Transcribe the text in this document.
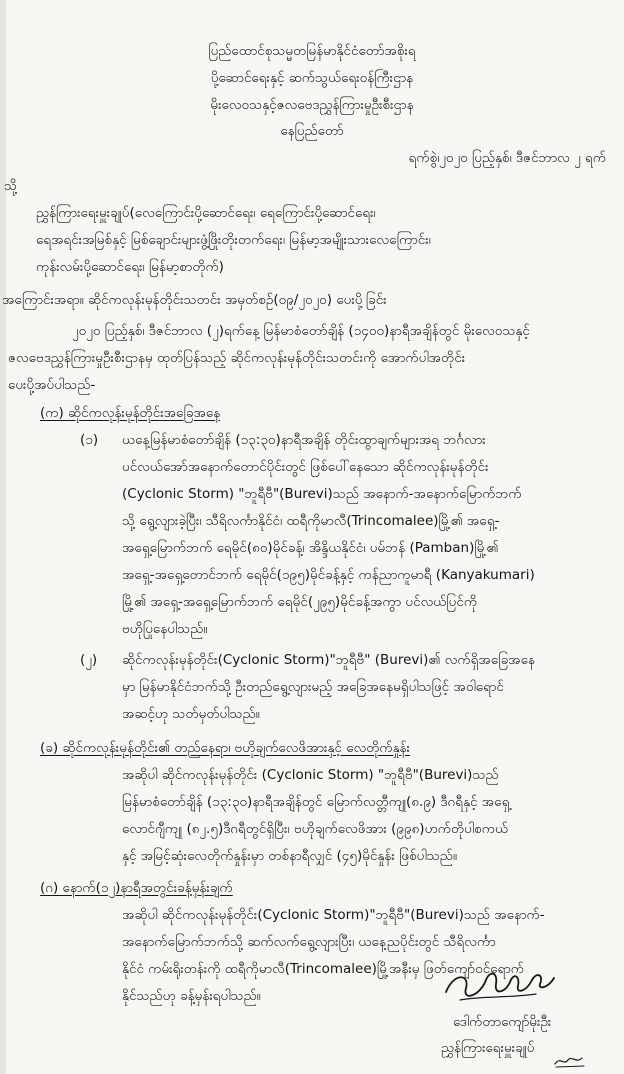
ပြည်ထောင်စုသမ္မတမြန်မာနိုင်ငံတော်အစိုးရ
ပို့ဆောင်ရေးနှင့် ဆက်သွယ်ရေးဝန်ကြီးဌာန
မိုးလေဝသနှင့်ဇလဗေဒညွှန်ကြားမှုဦးစီးဌာန
နေပြည်တော်
ရက်စွဲ၊၂၀၂၀ ပြည့်နှစ်၊ ဒီဇင်ဘာလ ၂ ရက်
သို့
ညွှန်ကြားရေးမှူးချုပ်(လေကြောင်းပို့ဆောင်ရေး၊ ရေကြောင်းပို့ဆောင်ရေး၊
ရေအရင်းအမြစ်နှင့် မြစ်ချောင်းများဖွံ့ဖြိုးတိုးတက်ရေး၊ မြန်မာ့အမျိုးသားလေကြောင်း၊
ကုန်းလမ်းပို့ဆောင်ရေး၊ မြန်မာ့စာတိုက်)
အကြောင်းအရာ။ ဆိုင်ကလုန်းမုန်တိုင်းသတင်း အမှတ်စဉ်(၀၉/၂၀၂၀) ပေးပို့ခြင်း
၂၀၂၀ ပြည့်နှစ်၊ ဒီဇင်ဘာလ (၂)ရက်နေ့ မြန်မာစံတော်ချိန် (၁၄၀၀)နာရီအချိန်တွင် မိုးလေဝသနှင့်
ဇလဗေဒညွှန်ကြားမှုဦးစီးဌာနမှ ထုတ်ပြန်သည့် ဆိုင်ကလုန်းမုန်တိုင်းသတင်းကို အောက်ပါအတိုင်း
ပေးပို့အပ်ပါသည်-
(က) ဆိုင်ကလုန်းမုန်တိုင်းအခြေအနေ
(၁) ယနေ့မြန်မာစံတော်ချိန် (၁၃:၃၀)နာရီအချိန် တိုင်းထွာချက်များအရ ဘင်္ဂလား
ပင်လယ်အော်အနောက်တောင်ပိုင်းတွင် ဖြစ်ပေါ်နေသော ဆိုင်ကလုန်းမုန်တိုင်း
(Cyclonic Storm) "ဘူရီဗီ"(Burevi)သည် အနောက်-အနောက်မြောက်ဘက်
သို့ ရွေ့လျားခဲ့ပြီး၊ သီရိလင်္ကာနိုင်ငံ၊ ထရီကိုမာလီ(Trincomalee)မြို့၏ အရှေ့-
အရှေ့မြောက်ဘက် ရေမိုင်(၈၀)မိုင်ခန့်၊ အိန္ဒိယနိုင်ငံ၊ ပမ်ဘန် (Pamban)မြို့၏
အရှေ့-အရှေ့တောင်ဘက် ရေမိုင်(၁၉၅)မိုင်ခန့်နှင့် ကန်ညာကူမာရီ (Kanyakumari)
မြို့၏ အရှေ့-အရှေ့မြောက်ဘက် ရေမိုင်(၂၉၅)မိုင်ခန့်အကွာ ပင်လယ်ပြင်ကို
ဗဟိုပြုနေပါသည်။
(၂) ဆိုင်ကလုန်းမုန်တိုင်း(Cyclonic Storm)"ဘူရီဗီ" (Burevi)၏ လက်ရှိအခြေအနေ
မှာ မြန်မာနိုင်ငံဘက်သို့ ဦးတည်ရွေ့လျားမည့် အခြေအနေမရှိပါသဖြင့် အဝါရောင်
အဆင့်ဟု သတ်မှတ်ပါသည်။
(ခ) ဆိုင်ကလုန်းမုန်တိုင်း၏ တည်နေရာ၊ ဗဟိုချက်လေဖိအားနှင့် လေတိုက်နှုန်း
အဆိုပါ ဆိုင်ကလုန်းမုန်တိုင်း (Cyclonic Storm) "ဘူရီဗီ"(Burevi)သည်
မြန်မာစံတော်ချိန် (၁၃:၃၀)နာရီအချိန်တွင် မြောက်လတ္တီကျု(၈.၉) ဒီဂရီနှင့် အရှေ့
လောင်ဂျီကျု (၈၂.၅)ဒီဂရီတွင်ရှိပြီး၊ ဗဟိုချက်လေဖိအား (၉၉၈)ဟက်တိုပါစကယ်
နှင့် အမြင့်ဆုံးလေတိုက်နှုန်းမှာ တစ်နာရီလျှင် (၄၅)မိုင်နှုန်း ဖြစ်ပါသည်။
(ဂ) နောက်(၁၂)နာရီအတွင်းခန့်မှန်းချက်
အဆိုပါ ဆိုင်ကလုန်းမုန်တိုင်း(Cyclonic Storm)"ဘူရီဗီ"(Burevi)သည် အနောက်-
အနောက်မြောက်ဘက်သို့ ဆက်လက်ရွေ့လျားပြီး၊ ယနေ့ညပိုင်းတွင် သီရိလင်္ကာ
နိုင်ငံ ကမ်းရိုးတန်းကို ထရီကိုမာလီ(Trincomalee)မြို့အနီးမှ ဖြတ်ကျော်ဝင်ရောက်
နိုင်သည်ဟု ခန့်မှန်းရပါသည်။
ဒေါက်တာကျော်မိုးဦး
ညွှန်ကြားရေးမှူးချုပ်
